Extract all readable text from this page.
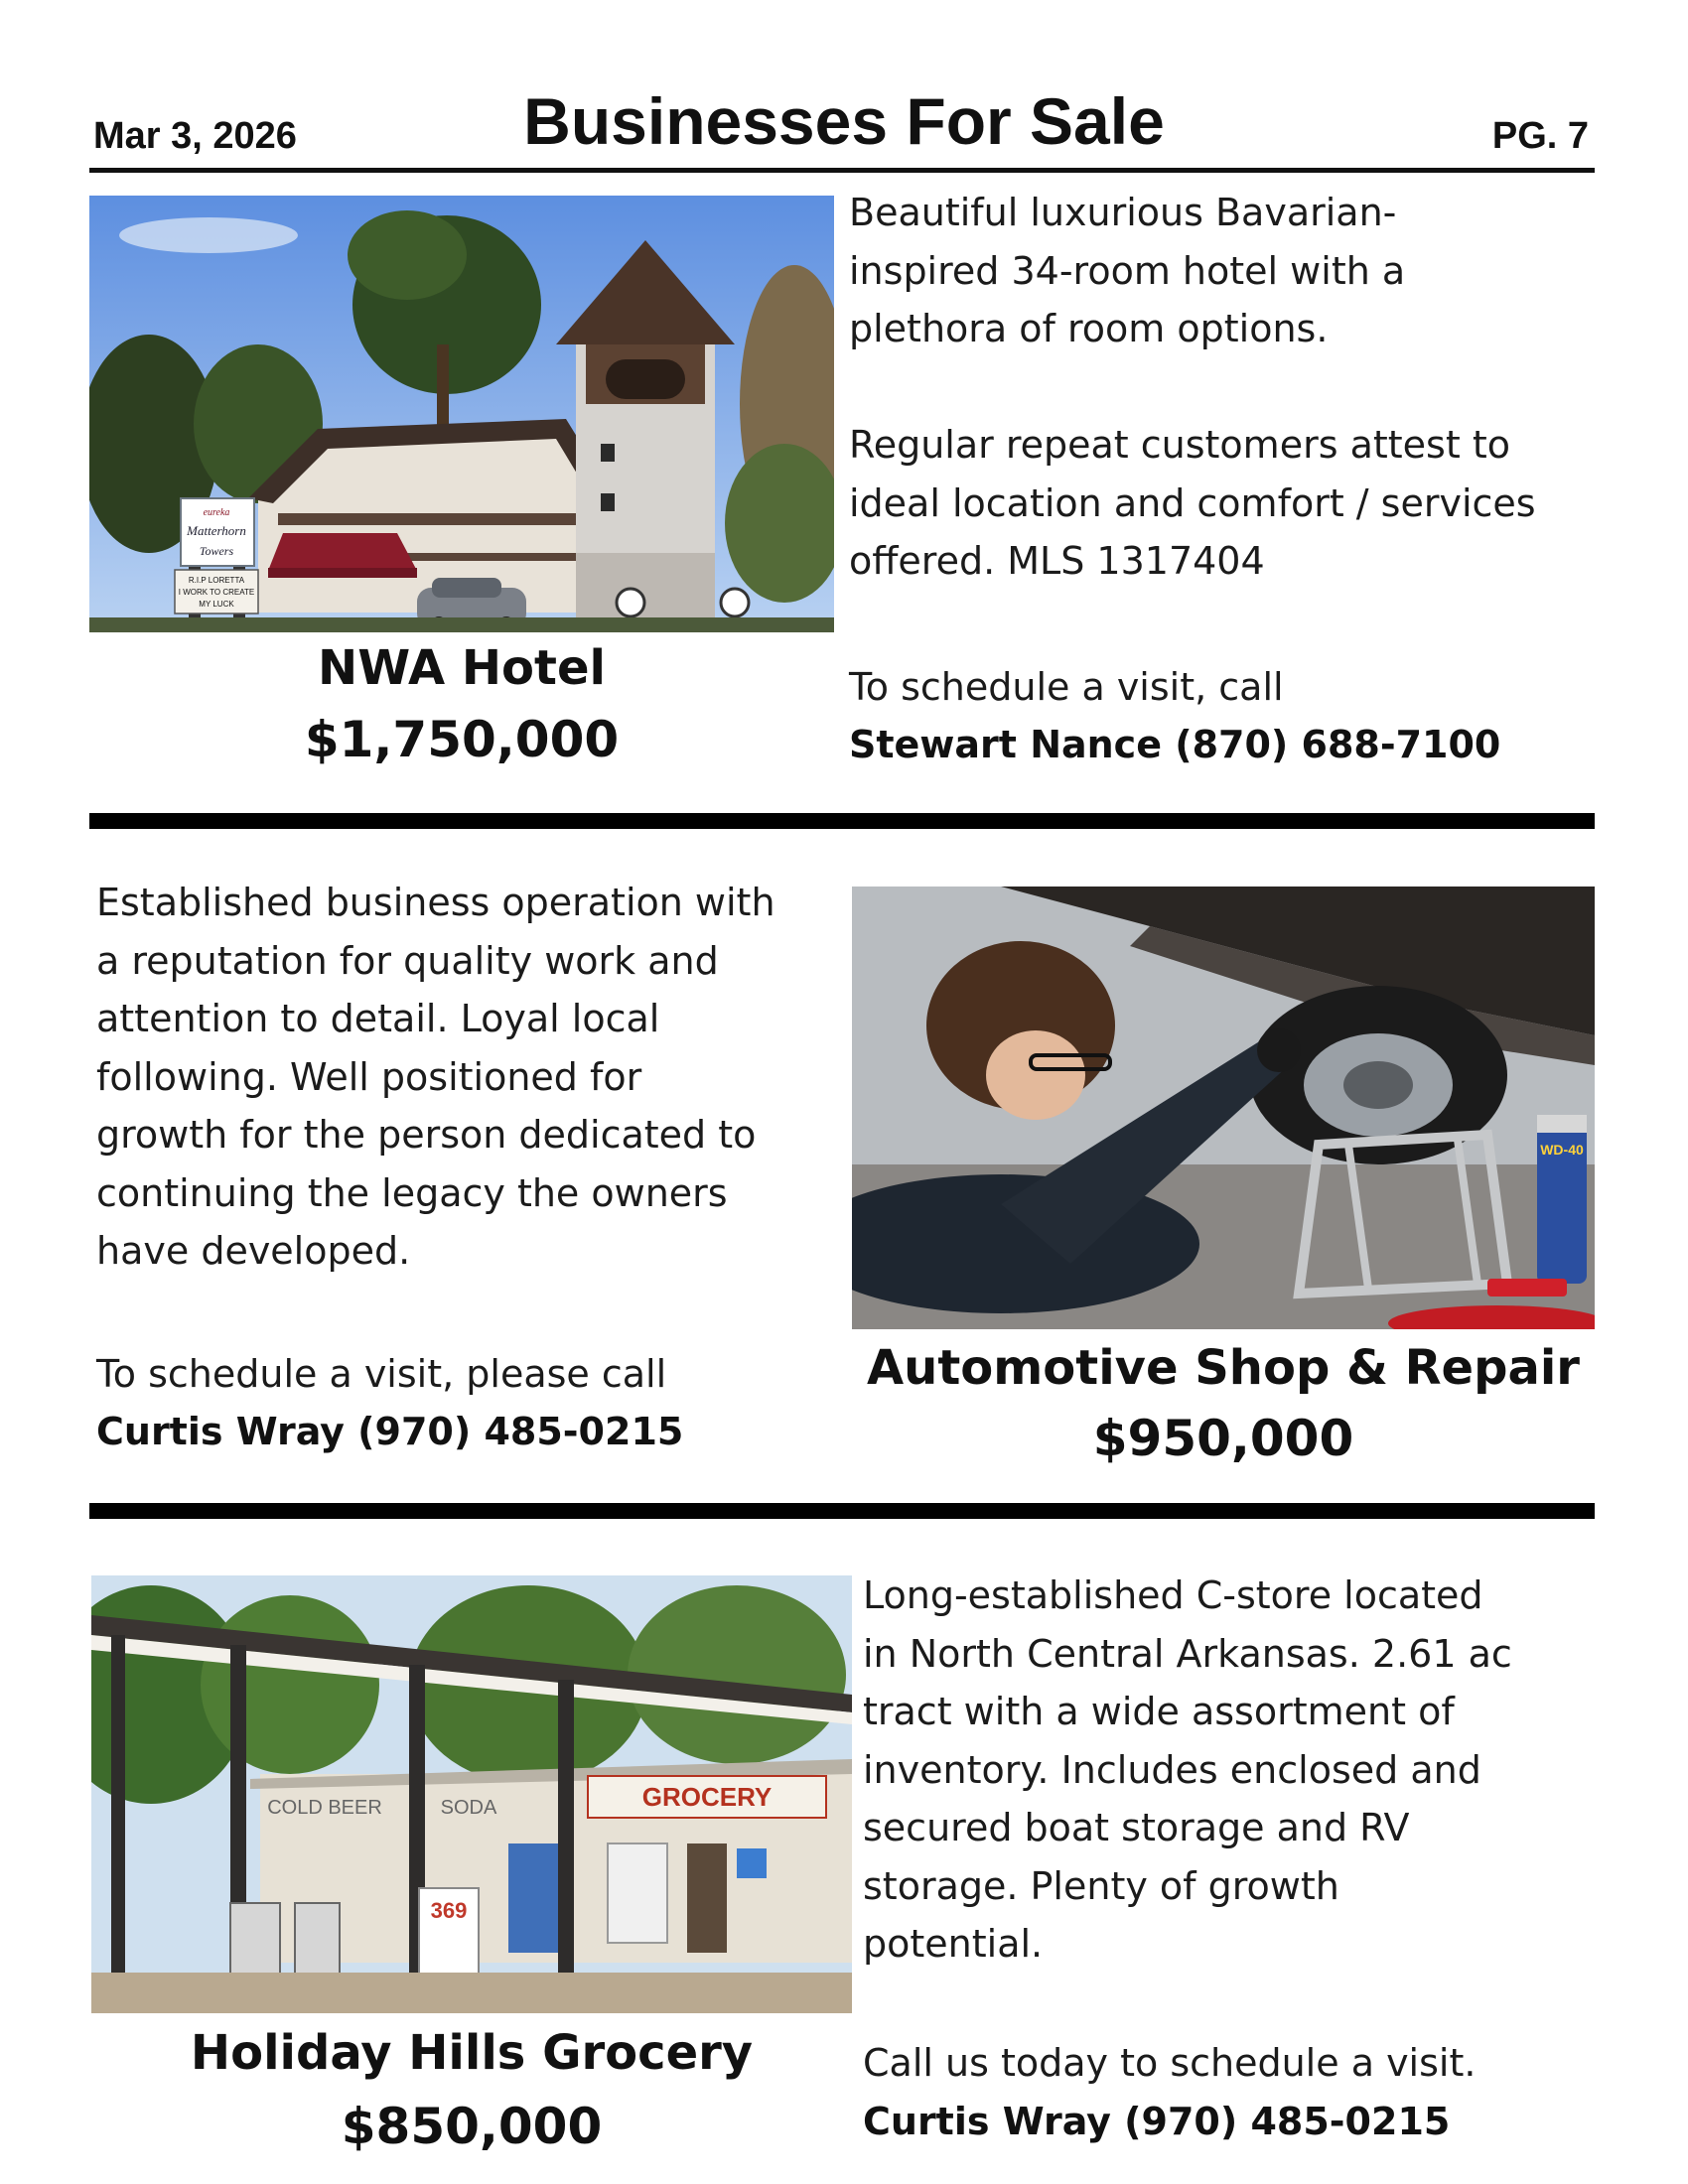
Mar 3, 2026	Businesses For Sale	PG. 7
eureka
Matterhorn
Towers
R.I.P LORETTA
I WORK TO CREATE
MY LUCK
Beautiful luxurious Bavarian-
inspired 34-room hotel with a
plethora of room options.

Regular repeat customers attest to
ideal location and comfort / services
offered. MLS 1317404
To schedule a visit, call
Stewart Nance (870) 688-7100
NWA Hotel
$1,750,000
Established business operation with
a reputation for quality work and
attention to detail. Loyal local
following. Well positioned for
growth for the person dedicated to
continuing the legacy the owners
have developed.
To schedule a visit, please call
Curtis Wray (970) 485-0215
WD-40
Automotive Shop & Repair
$950,000
GROCERY
COLD BEER	SODA
369
Long-established C-store located
in North Central Arkansas. 2.61 ac
tract with a wide assortment of
inventory. Includes enclosed and
secured boat storage and RV
storage. Plenty of growth
potential.
Call us today to schedule a visit.
Curtis Wray (970) 485-0215
Holiday Hills Grocery
$850,000
